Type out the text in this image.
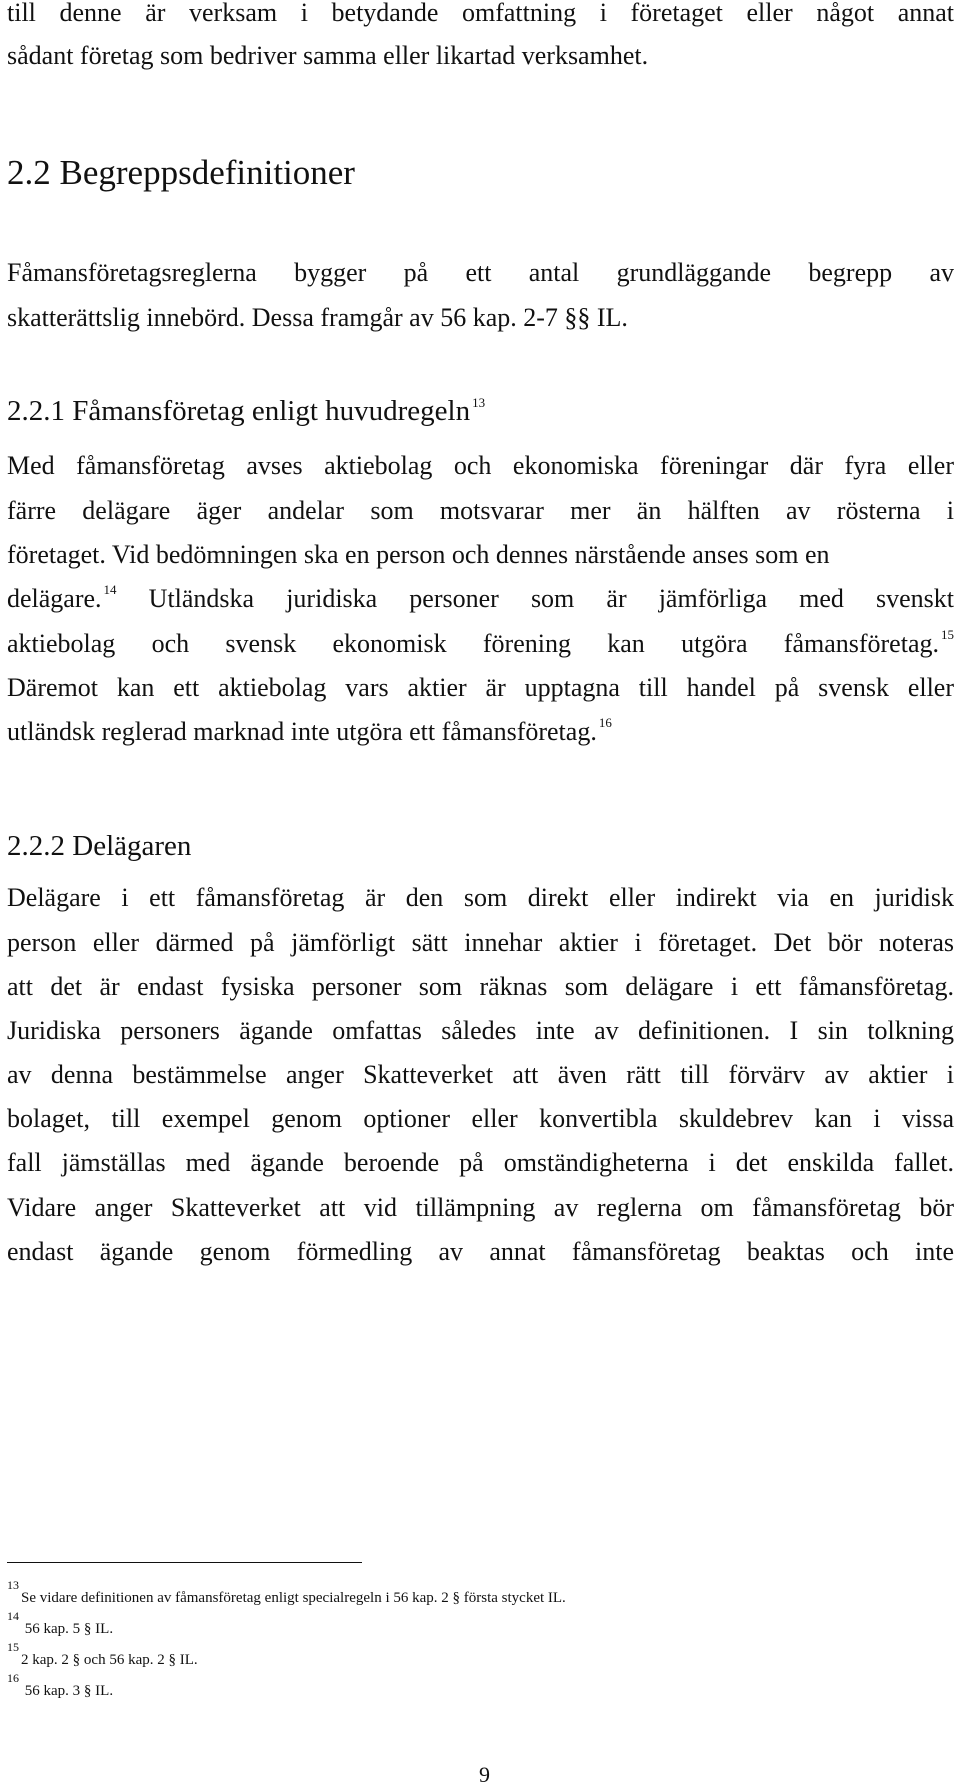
till denne är verksam i betydande omfattning i företaget eller något annat
sådant företag som bedriver samma eller likartad verksamhet.
2.2 Begreppsdefinitioner
Fåmansföretagsreglerna bygger på ett antal grundläggande begrepp av
skatterättslig innebörd. Dessa framgår av 56 kap. 2-7 §§ IL.
2.2.1 Fåmansföretag enligt huvudregeln $^{13}$
Med fåmansföretag avses aktiebolag och ekonomiska föreningar där fyra eller
färre delägare äger andelar som motsvarar mer än hälften av rösterna i
företaget. Vid bedömningen ska en person och dennes närstående anses som en
delägare. $^{14}$ Utländska juridiska personer som är jämförliga med svenskt
aktiebolag och svensk ekonomisk förening kan utgöra fåmansföretag. $^{15}$
Däremot kan ett aktiebolag vars aktier är upptagna till handel på svensk eller
utländsk reglerad marknad inte utgöra ett fåmansföretag. $^{16}$
2.2.2 Delägaren
Delägare i ett fåmansföretag är den som direkt eller indirekt via en juridisk
person eller därmed på jämförligt sätt innehar aktier i företaget. Det bör noteras
att det är endast fysiska personer som räknas som delägare i ett fåmansföretag.
Juridiska personers ägande omfattas således inte av definitionen. I sin tolkning
av denna bestämmelse anger Skatteverket att även rätt till förvärv av aktier i
bolaget, till exempel genom optioner eller konvertibla skuldebrev kan i vissa
fall jämställas med ägande beroende på omständigheterna i det enskilda fallet.
Vidare anger Skatteverket att vid tillämpning av reglerna om fåmansföretag bör
endast ägande genom förmedling av annat fåmansföretag beaktas och inte
13Se vidare definitionen av fåmansföretag enligt specialregeln i 56 kap. 2 § första stycket IL.
14 56 kap. 5 § IL.
152 kap. 2 § och 56 kap. 2 § IL.
16 56 kap. 3 § IL.
9
